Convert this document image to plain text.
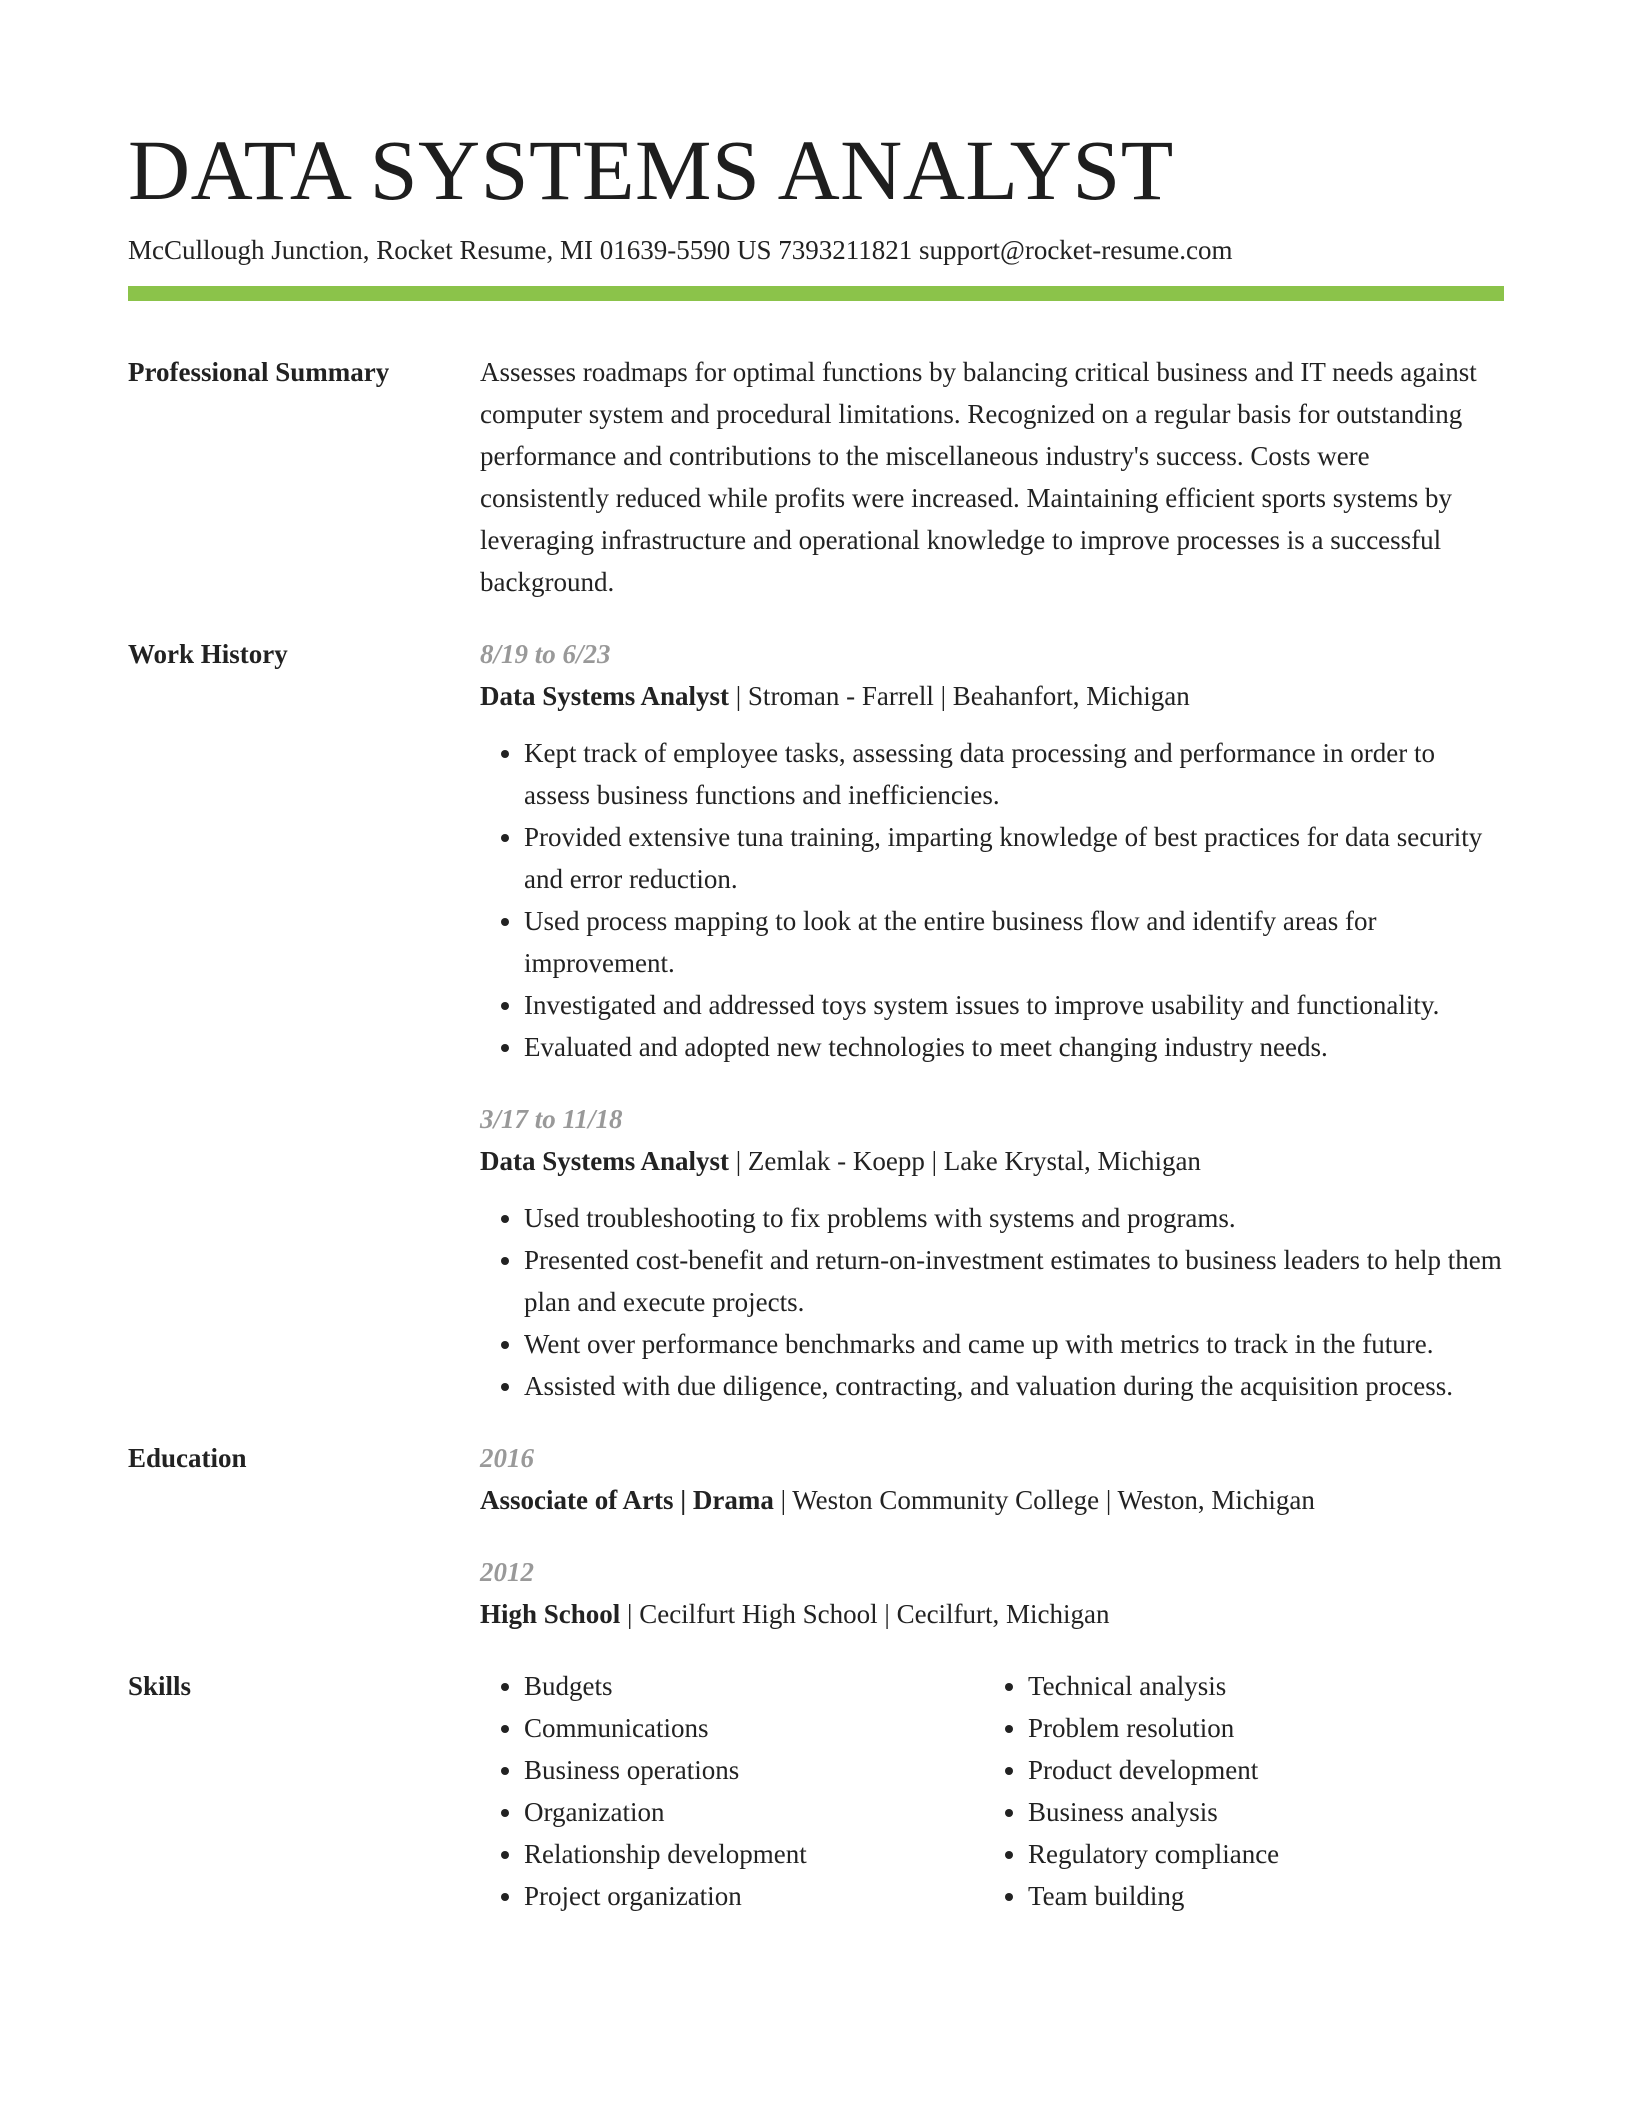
DATA SYSTEMS ANALYST
McCullough Junction, Rocket Resume, MI 01639-5590 US 7393211821 support@rocket-resume.com
Professional Summary	Assesses roadmaps for optimal functions by balancing critical business and IT needs against computer system and procedural limitations. Recognized on a regular basis for outstanding performance and contributions to the miscellaneous industry's success. Costs were consistently reduced while profits were increased. Maintaining efficient sports systems by leveraging infrastructure and operational knowledge to improve processes is a successful background.
Work History	8/19 to 6/23
Data Systems Analyst | Stroman - Farrell | Beahanfort, Michigan
• Kept track of employee tasks, assessing data processing and performance in order to assess business functions and inefficiencies.
• Provided extensive tuna training, imparting knowledge of best practices for data security and error reduction.
• Used process mapping to look at the entire business flow and identify areas for improvement.
• Investigated and addressed toys system issues to improve usability and functionality.
• Evaluated and adopted new technologies to meet changing industry needs.
3/17 to 11/18
Data Systems Analyst | Zemlak - Koepp | Lake Krystal, Michigan
• Used troubleshooting to fix problems with systems and programs.
• Presented cost-benefit and return-on-investment estimates to business leaders to help them plan and execute projects.
• Went over performance benchmarks and came up with metrics to track in the future.
• Assisted with due diligence, contracting, and valuation during the acquisition process.
Education	2016
Associate of Arts | Drama | Weston Community College | Weston, Michigan
2012
High School | Cecilfurt High School | Cecilfurt, Michigan
Skills
•	Budgets
• Communications
• Business operations
• Organization
• Relationship development
• Project organization
• Technical analysis
• Problem resolution
• Product development
• Business analysis
• Regulatory compliance
• Team building
